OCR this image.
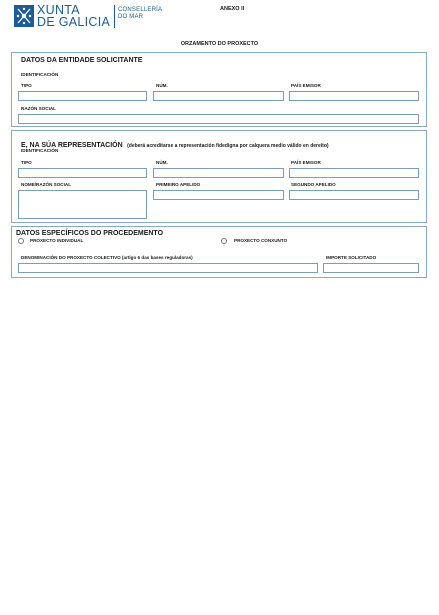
XUNTA
DE GALICIA
CONSELLERÍA
DO MAR
ANEXO II
ORZAMENTO DO PROXECTO
DATOS DA ENTIDADE SOLICITANTE
IDENTIFICACIÓN
TIPO	NÚM.	PAÍS EMISOR
RAZÓN SOCIAL
E, NA SÚA REPRESENTACIÓN (deberá acreditarse a representación fidedigna por calquera medio válido en dereito)
IDENTIFICACIÓN
TIPO	NÚM.	PAÍS EMISOR
NOME/RAZÓN SOCIAL	PRIMEIRO APELIDO	SEGUNDO APELIDO
DATOS ESPECÍFICOS DO PROCEDEMENTO
PROXECTO INDIVIDUAL	PROXECTO CONXUNTO
DENOMINACIÓN DO PROXECTO COLECTIVO (artigo 6 das bases reguladoras)	IMPORTE SOLICITADO
